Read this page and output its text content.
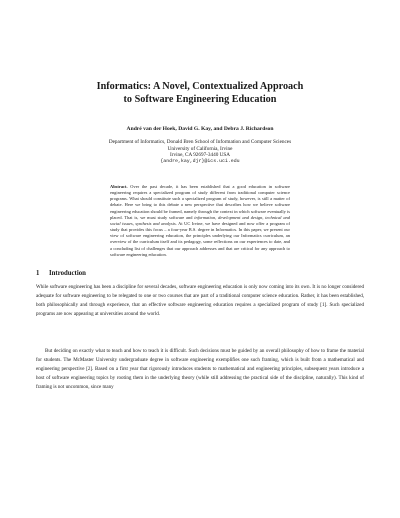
Informatics: A Novel, Contextualized Approach
to Software Engineering Education
André van der Hoek, David G. Kay, and Debra J. Richardson
Department of Informatics, Donald Bren School of Information and Computer Sciences
University of California, Irvine
Irvine, CA 92697-3440 USA
{andre,kay,djr}@ics.uci.edu

Abstract. Over the past decade, it has been established that a good education in software engineering requires a specialized program of study different from traditional computer science programs. What should constitute such a specialized program of study, however, is still a matter of debate. Here we bring to this debate a new perspective that describes how we believe software engineering education should be framed, namely through the context in which software eventually is placed. That is, we must study software and information, development and design, technical and social issues, synthesis and analysis. At UC Irvine, we have designed and now offer a program of study that provides this focus – a four-year B.S. degree in Informatics. In this paper, we present our view of software engineering education, the principles underlying our Informatics curriculum, an overview of the curriculum itself and its pedagogy, some reflections on our experiences to date, and a concluding list of challenges that our approach addresses and that are critical for any approach to software engineering education.

1 Introduction

While software engineering has been a discipline for several decades, software engineering education is only now coming into its own. It is no longer considered adequate for software engineering to be relegated to one or two courses that are part of a traditional computer science education. Rather, it has been established, both philosophically and through experience, that an effective software engineering education requires a specialized program of study [1]. Such specialized programs are now appearing at universities around the world.

But deciding on exactly what to teach and how to teach it is difficult. Such decisions must be guided by an overall philosophy of how to frame the material for students. The McMaster University undergraduate degree in software engineering exemplifies one such framing, which is built from a mathematical and engineering perspective [2]. Based on a first year that rigorously introduces students to mathematical and engineering principles, subsequent years introduce a host of software engineering topics by rooting them in the underlying theory (while still addressing the practical side of the discipline, naturally). This kind of framing is not uncommon, since many
